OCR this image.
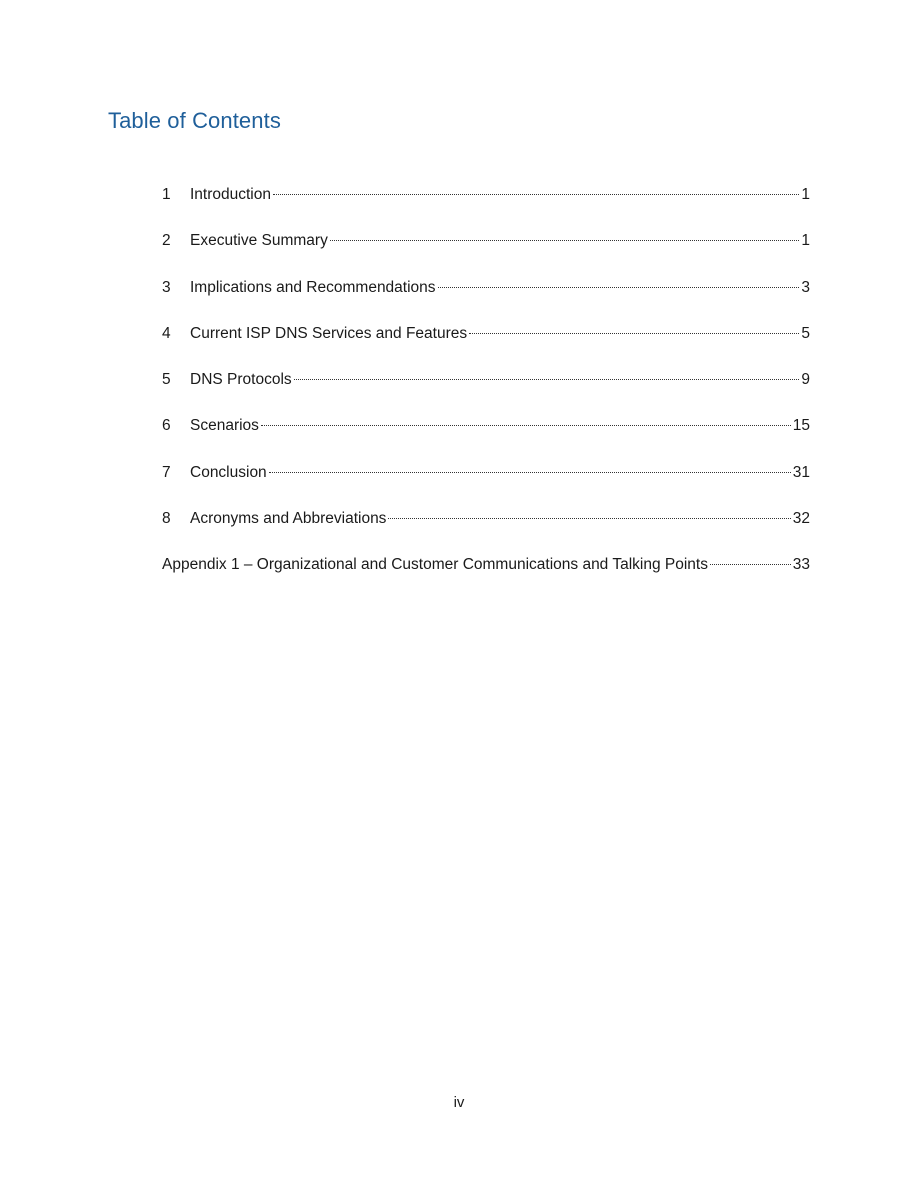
Table of Contents
1	Introduction	1
2	Executive Summary	1
3	Implications and Recommendations	3
4	Current ISP DNS Services and Features	5
5	DNS Protocols	9
6	Scenarios	15
7	Conclusion	31
8	Acronyms and Abbreviations	32
Appendix 1 – Organizational and Customer Communications and Talking Points	33
iv
